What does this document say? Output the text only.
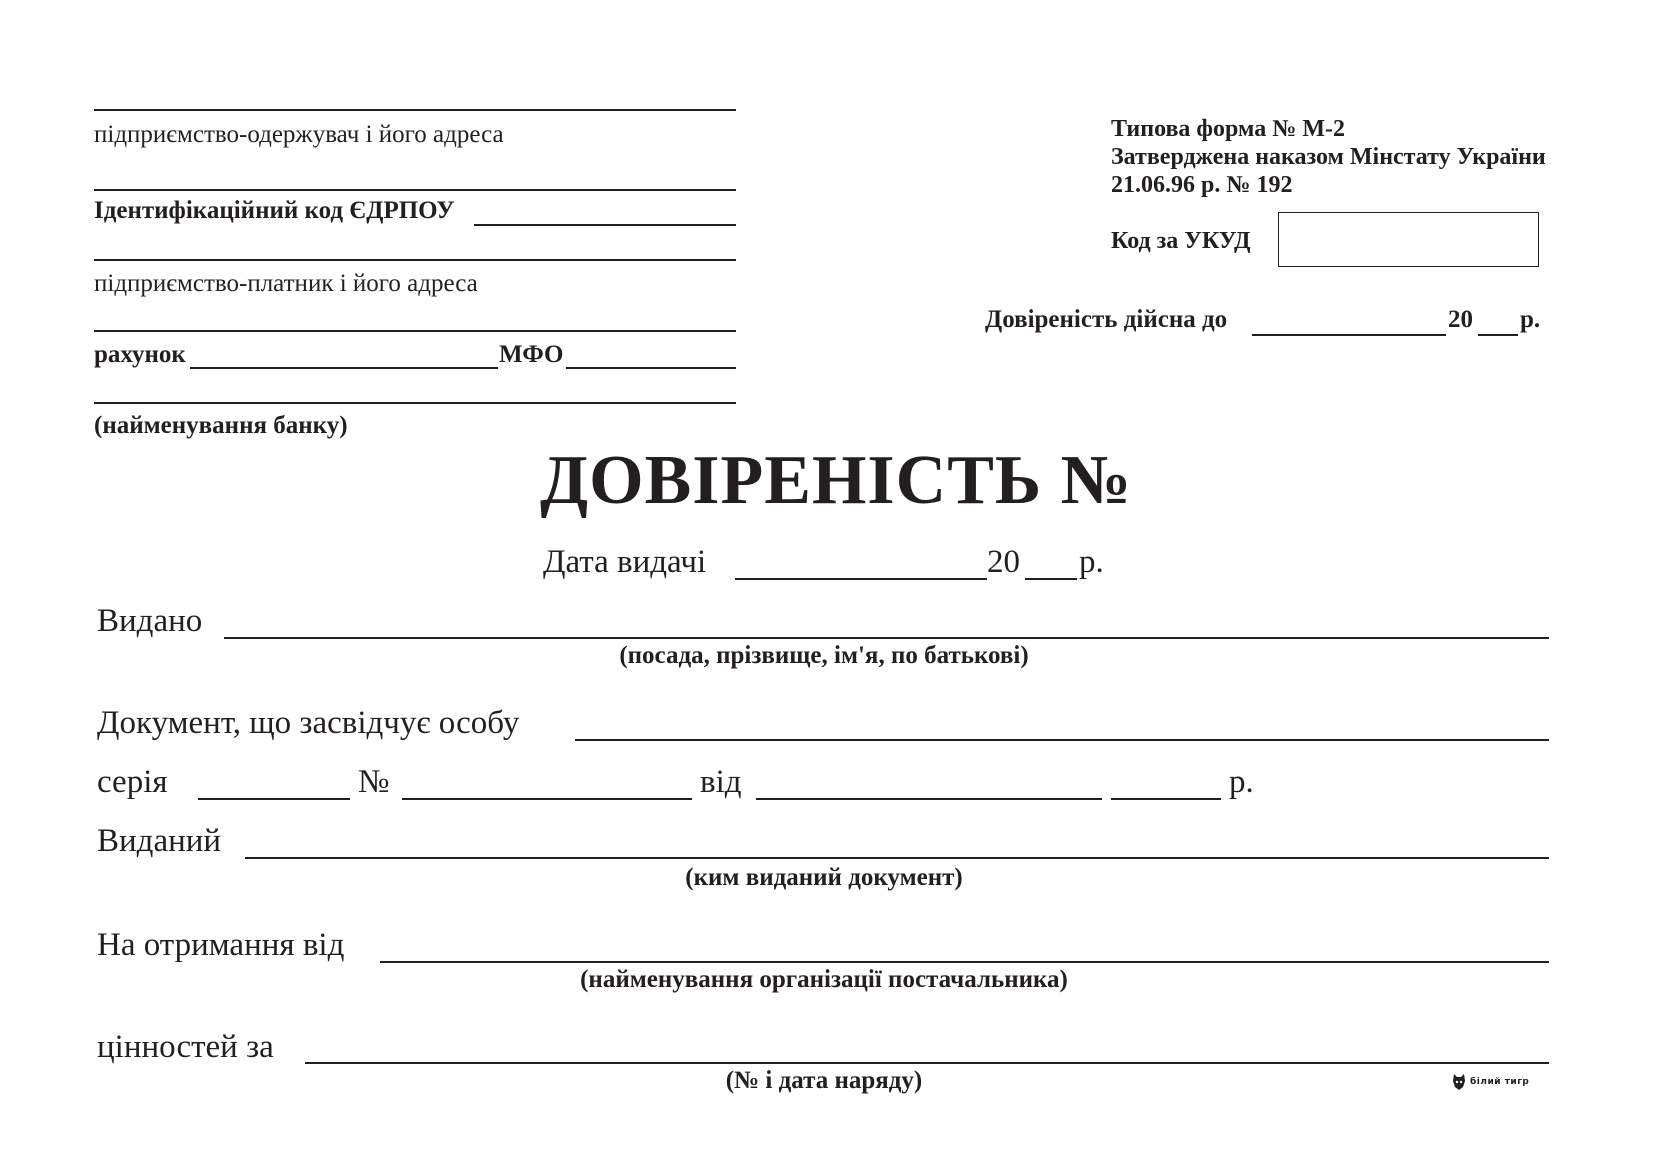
підприємство-одержувач і його адреса
Ідентифікаційний код ЄДРПОУ
підприємство-платник і його адреса
рахунок	МФО
(найменування банку)
Типова форма № М-2
Затверджена наказом Мінстату України
21.06.96 р. № 192
Код за УКУД
Довіреність дійсна до	20 р.
ДОВІРЕНІСТЬ №
Дата видачі	20 р.
Видано
(посада, прізвище, ім'я, по батькові)
Документ, що засвідчує особу
серія	№	від	р.
Виданий
(ким виданий документ)
На отримання від
(найменування організації постачальника)
цінностей за
(№ і дата наряду)	білий тигр
